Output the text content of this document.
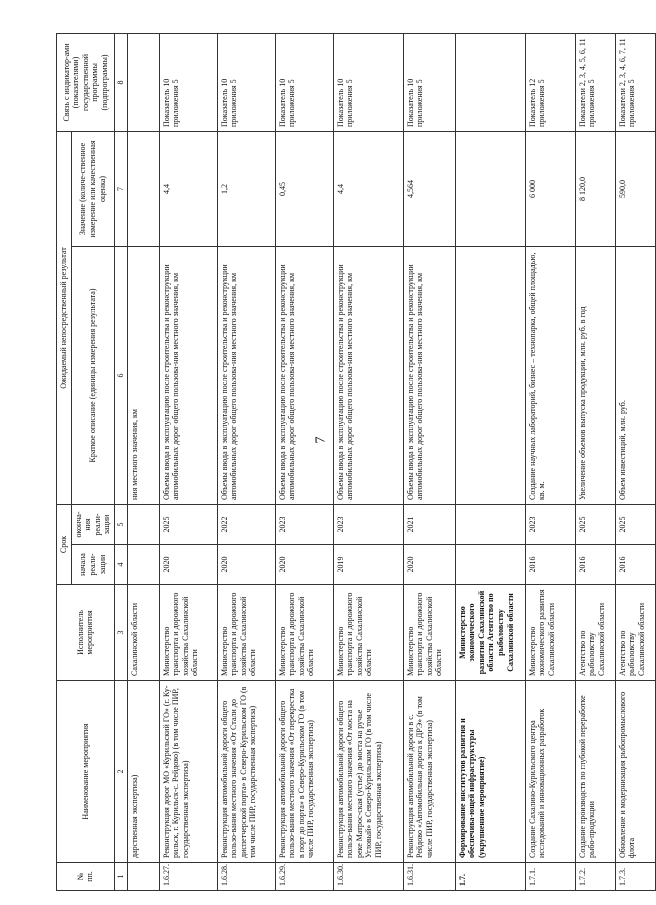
7
№ пп.	Наименование мероприятия	Исполнитель мероприятия	Срок		Ожидаемый непосредственный результат		Связь с индикатор-ами (показателями) государственной программы (подпрограммы)
			начала реали-зации	оконча-ния реали-зации	Краткое описание (единицы измерения результата)	Значение (количе-ственное измерение или качественная оценка)	

1	2	3	4	5	6	7	8
	дарственная экспертиза)	Сахалинской области			ния местного значения, км		
1.6.27.	Реконструкция дорог МО «Курильский ГО» (г. Ку-рильск, г. Курильск-с. Рейдово) (в том числе ПИР, государственная экспертиза)	Министерство транспорта и дорожного хозяйства Сахалинской области	2020	2025	Объемы ввода в эксплуатацию после строительства и реконструкции автомобильных дорог общего пользова-ния местного значения, км	4,4	Показатель 10 приложения 5
1.6.28.	Реконструкция автомобильной дороги общего пользо-вания местного значения «От Стали до диспетчерской порта» в Северо-Курильском ГО (в том числе ПИР, государственная экспертиза)	Министерство транспорта и дорожного хозяйства Сахалинской области	2020	2022	Объемы ввода в эксплуатацию после строительства и реконструкции автомобильных дорог общего пользова-ния местного значения, км	1,2	Показатель 10 приложения 5
1.6.29.	Реконструкция автомобильной дороги общего пользо-вания местного значения «От перекрестка в порт до порта» в Северо-Курильском ГО (в том числе ПИР, государственная экспертиза)	Министерство транспорта и дорожного хозяйства Сахалинской области	2020	2023	Объемы ввода в эксплуатацию после строительства и реконструкции автомобильных дорог общего пользова-ния местного значения, км	0,45	Показатель 10 приложения 5
1.6.30.	Реконструкция автомобильной дороги общего пользо-вания местного значения «От моста на реке Матрос-ская (устье) до моста на ручье Угловый» в Северо-Курильском ГО (в том числе ПИР, государственная экспертиза)	Министерство транспорта и дорожного хозяйства Сахалинской области	2019	2023	Объемы ввода в эксплуатацию после строительства и реконструкции автомобильных дорог общего пользова-ния местного значения, км	4,4	Показатель 10 приложения 5
1.6.31.	Реконструкция автомобильной дороги в с. Рейдово «Автомобильная дорога к ДРЭ» (в том числе ПИР, государственная экспертиза)	Министерство транспорта и дорожного хозяйства Сахалинской области	2020	2021	Объемы ввода в эксплуатацию после строительства и реконструкции автомобильных дорог общего пользова-ния местного значения, км	4,564	Показатель 10 приложения 5
1.7.	Формирование институтов развития и обеспечива-ющей инфраструктуры (укрупненное мероприятие)	Министерство экономического развития Сахалинской области Агентство по рыболовству Сахалинской области					
1.7.1.	Создание Сахалино-Курильского центра исследований и инновационных разработок	Министерство экономического развития Сахалинской области	2016	2023	Создание научных лабораторий, бизнес – технопарка, общей площадью, кв. м.	6 000	Показатель 12 приложения 5
1.7.2.	Создание производств по глубокой переработке рыбо-продукции	Агентство по рыболовству Сахалинской области	2016	2025	Увеличение объемов выпуска продукции, млн. руб. в год	8 120,0	Показатели 2, 3, 4, 5, 6, 11 приложения 5
1.7.3.	Обновление и модернизация рыбопромыслового флота	Агентство по рыболовству Сахалинской области	2016	2025	Объем инвестиций, млн. руб.	590,0	Показатели 2, 3, 4, 6, 7, 11 приложения 5
